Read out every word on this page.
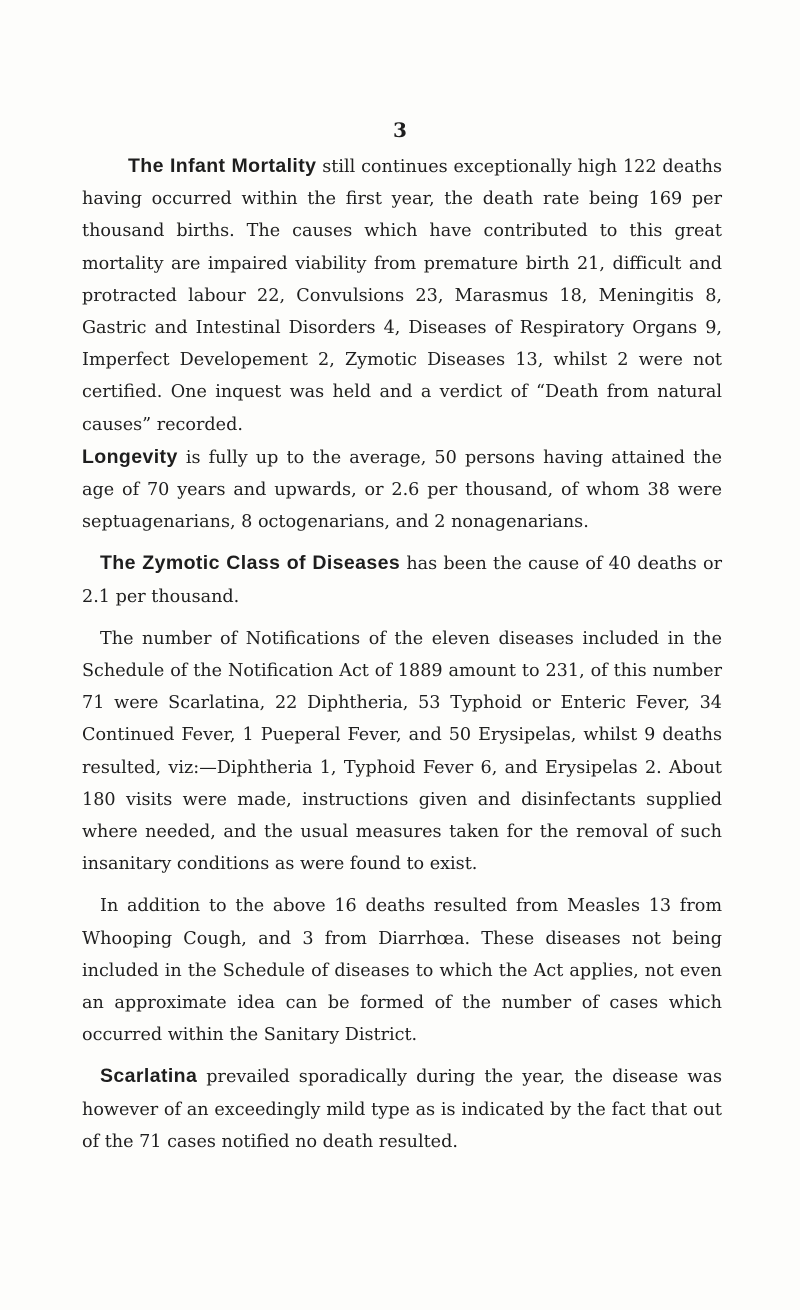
3

The Infant Mortality still continues exceptionally high 122 deaths having occurred within the first year, the death rate being 169 per thousand births. The causes which have contributed to this great mortality are impaired viability from premature birth 21, difficult and protracted labour 22, Convulsions 23, Marasmus 18, Meningitis 8, Gastric and Intestinal Disorders 4, Diseases of Respiratory Organs 9, Imperfect Developement 2, Zymotic Diseases 13, whilst 2 were not certified. One inquest was held and a verdict of “Death from natural causes” recorded.

Longevity is fully up to the average, 50 persons having attained the age of 70 years and upwards, or 2.6 per thousand, of whom 38 were septuagenarians, 8 octogenarians, and 2 nonagenarians.

The Zymotic Class of Diseases has been the cause of 40 deaths or 2.1 per thousand.

The number of Notifications of the eleven diseases included in the Schedule of the Notification Act of 1889 amount to 231, of this number 71 were Scarlatina, 22 Diphtheria, 53 Typhoid or Enteric Fever, 34 Continued Fever, 1 Pueperal Fever, and 50 Erysipelas, whilst 9 deaths resulted, viz:—Diphtheria 1, Typhoid Fever 6, and Erysipelas 2. About 180 visits were made, instructions given and disinfectants supplied where needed, and the usual measures taken for the removal of such insanitary conditions as were found to exist.

In addition to the above 16 deaths resulted from Measles 13 from Whooping Cough, and 3 from Diarrhœa. These diseases not being included in the Schedule of diseases to which the Act applies, not even an approximate idea can be formed of the number of cases which occurred within the Sanitary District.

Scarlatina prevailed sporadically during the year, the disease was however of an exceedingly mild type as is indicated by the fact that out of the 71 cases notified no death resulted.
